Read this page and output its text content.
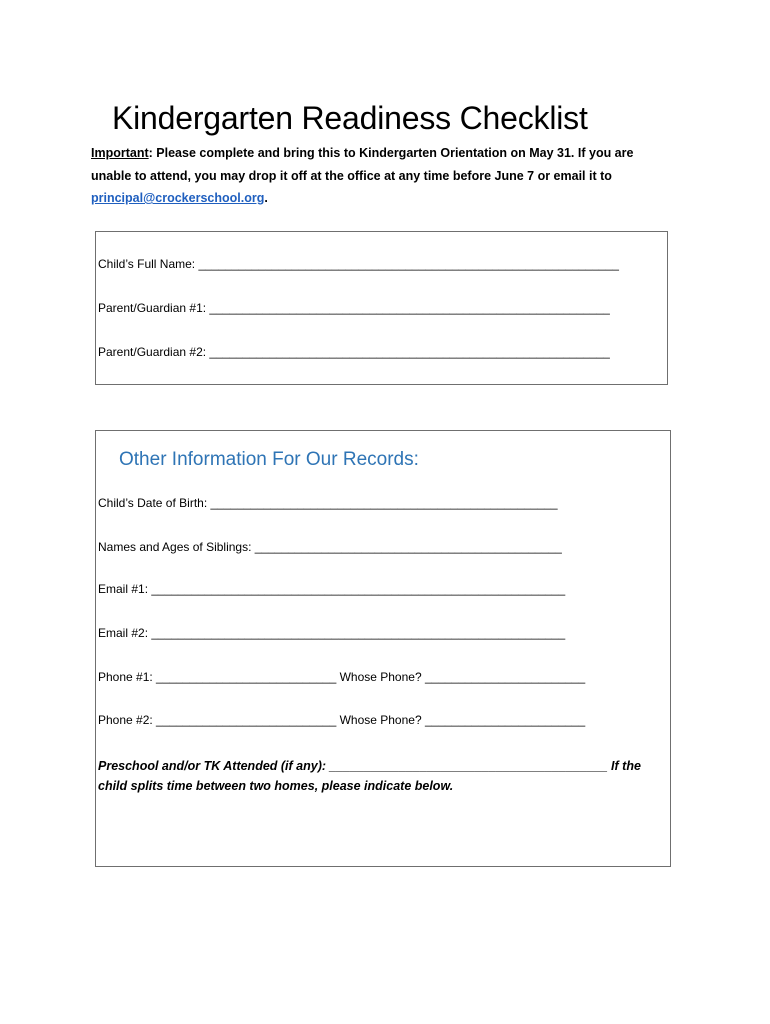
Kindergarten Readiness Checklist

Important: Please complete and bring this to Kindergarten Orientation on May 31. If you are unable to attend, you may drop it off at the office at any time before June 7 or email it to principal@crockerschool.org.

Child’s Full Name: _______________________________________________________________

Parent/Guardian #1: ____________________________________________________________

Parent/Guardian #2: ____________________________________________________________

Other Information For Our Records:

Child’s Date of Birth: ____________________________________________________

Names and Ages of Siblings: ______________________________________________

Email #1: ______________________________________________________________

Email #2: ______________________________________________________________

Phone #1: ___________________________ Whose Phone? ________________________

Phone #2: ___________________________ Whose Phone? ________________________

Preschool and/or TK Attended (if any): ________________________________________ If the child splits time between two homes, please indicate below.
